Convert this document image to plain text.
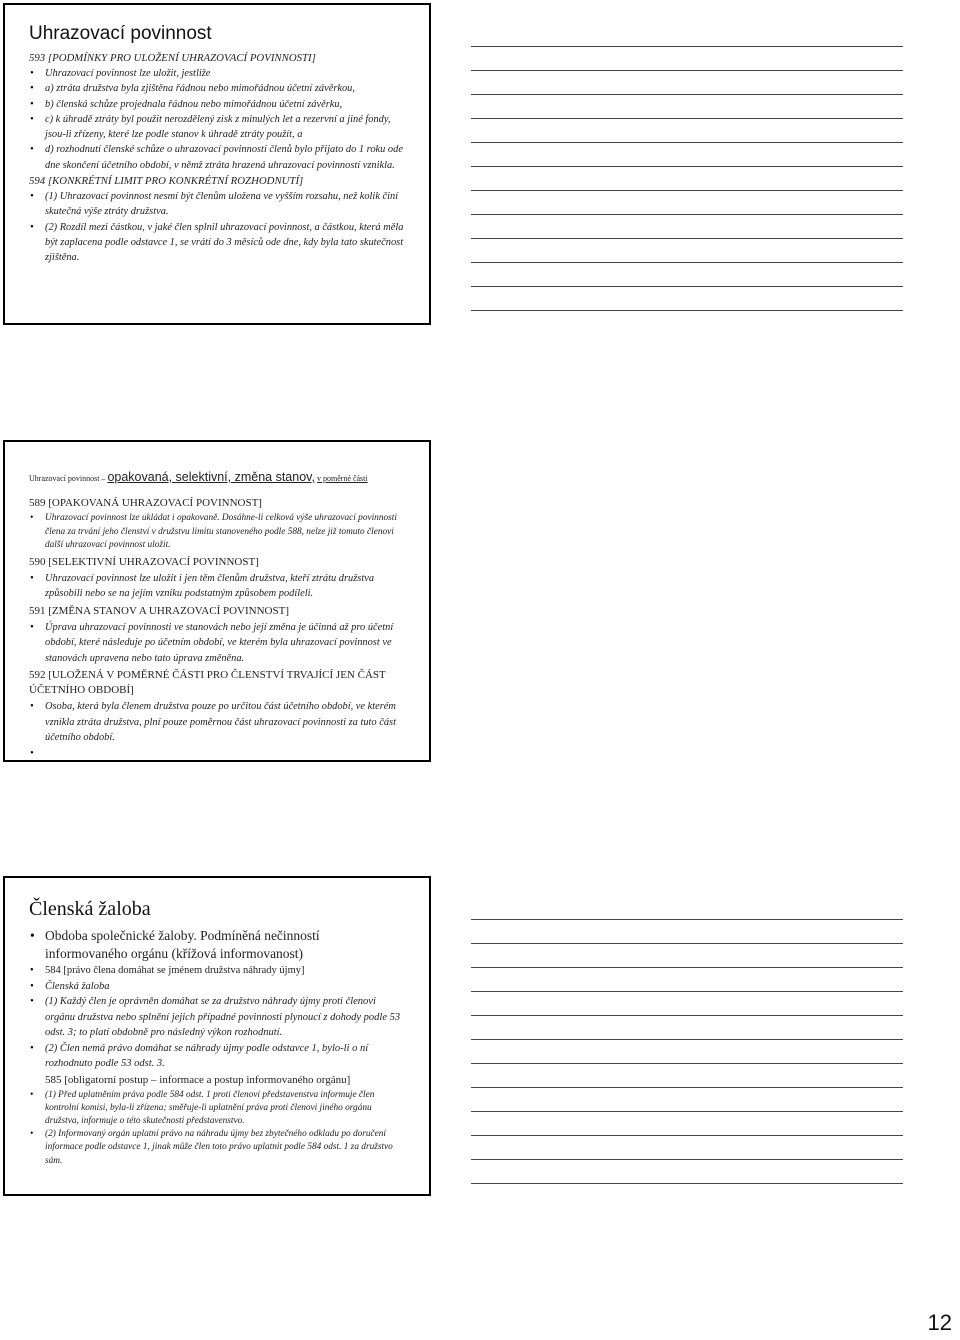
Uhrazovací povinnost

593 [PODMÍNKY PRO ULOŽENÍ UHRAZOVACÍ POVINNOSTI]

• Uhrazovací povinnost lze uložit, jestliže
• a) ztráta družstva byla zjištěna řádnou nebo mimořádnou účetní závěrkou,
• b) členská schůze projednala řádnou nebo mimořádnou účetní závěrku,
• c) k úhradě ztráty byl použit nerozdělený zisk z minulých let a rezervní a jiné fondy, jsou-li zřízeny, které lze podle stanov k úhradě ztráty použít, a
• d) rozhodnutí členské schůze o uhrazovací povinnosti členů bylo přijato do 1 roku ode dne skončení účetního období, v němž ztráta hrazená uhrazovací povinností vznikla.

594 [KONKRÉTNÍ LIMIT PRO KONKRÉTNÍ ROZHODNUTÍ]

• (1) Uhrazovací povinnost nesmí být členům uložena ve vyšším rozsahu, než kolik činí skutečná výše ztráty družstva.
• (2) Rozdíl mezi částkou, v jaké člen splnil uhrazovací povinnost, a částkou, která měla být zaplacena podle odstavce 1, se vrátí do 3 měsíců ode dne, kdy byla tato skutečnost zjištěna.
Uhrazovací povinnost – opakovaná, selektivní, změna stanov, v poměrné části

589 [OPAKOVANÁ UHRAZOVACÍ POVINNOST]

• Uhrazovací povinnost lze ukládat i opakovaně. Dosáhne-li celková výše uhrazovací povinnosti člena za trvání jeho členství v družstvu limitu stanoveného podle 588, nelze již tomuto členovi další uhrazovací povinnost uložit.

590 [SELEKTIVNÍ UHRAZOVACÍ POVINNOST]

• Uhrazovací povinnost lze uložit i jen těm členům družstva, kteří ztrátu družstva způsobili nebo se na jejím vzniku podstatným způsobem podíleli.

591 [ZMĚNA STANOV A UHRAZOVACÍ POVINNOST]

• Úprava uhrazovací povinnosti ve stanovách nebo její změna je účinná až pro účetní období, které následuje po účetním období, ve kterém byla uhrazovací povinnost ve stanovách upravena nebo tato úprava změněna.

592 [ULOŽENÁ V POMĚRNÉ ČÁSTI PRO ČLENSTVÍ TRVAJÍCÍ JEN ČÁST ÚČETNÍHO OBDOBÍ]

• Osoba, která byla členem družstva pouze po určitou část účetního období, ve kterém vznikla ztráta družstva, plní pouze poměrnou část uhrazovací povinnosti za tuto část účetního období.
•
Členská žaloba
• Obdoba společnické žaloby. Podmíněná nečinností informovaného orgánu (křížová informovanost)
• 584 [právo člena domáhat se jménem družstva náhrady újmy]
• Členská žaloba
• (1) Každý člen je oprávněn domáhat se za družstvo náhrady újmy proti členovi orgánu družstva nebo splnění jejich případné povinnosti plynoucí z dohody podle 53 odst. 3; to platí obdobně pro následný výkon rozhodnutí.
• (2) Člen nemá právo domáhat se náhrady újmy podle odstavce 1, bylo-li o ní rozhodnuto podle 53 odst. 3.

585 [obligatorní postup – informace a postup informovaného orgánu]

• (1) Před uplatněním práva podle 584 odst. 1 proti členovi představenstva informuje člen kontrolní komisi, byla-li zřízena; směřuje-li uplatnění práva proti členovi jiného orgánu družstva, informuje o této skutečnosti představenstvo.
• (2) Informovaný orgán uplatní právo na náhradu újmy bez zbytečného odkladu po doručení informace podle odstavce 1, jinak může člen toto právo uplatnit podle 584 odst. 1 za družstvo sám.
12
